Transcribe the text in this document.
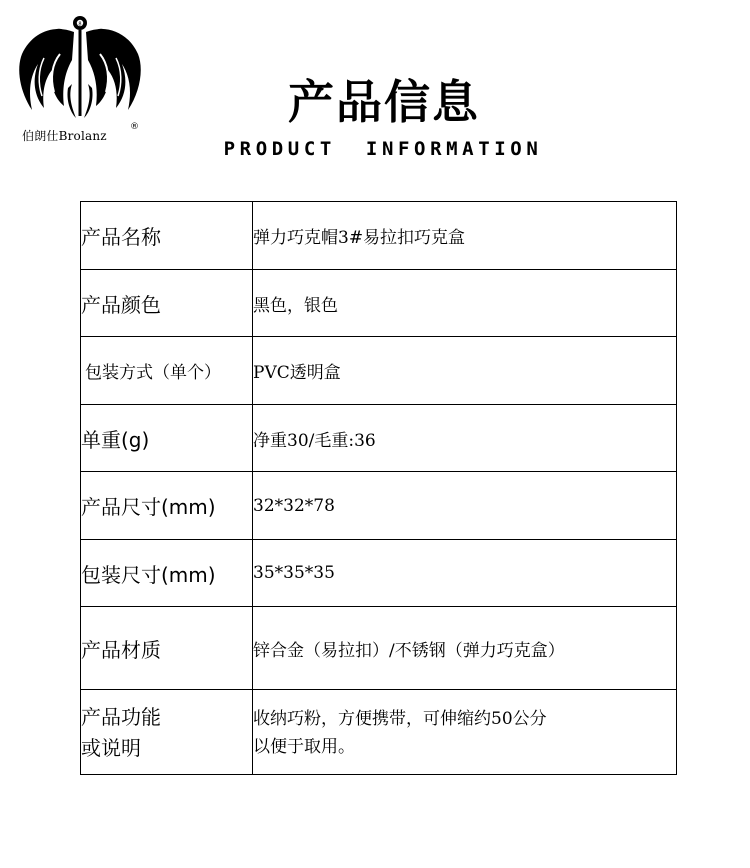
8
伯朗仕Brolanz
®	产品信息
PRODUCT INFORMATION
产品名称	弹力巧克帽3#易拉扣巧克盒
产品颜色	黑色，银色
包装方式（单个）	PVC透明盒
单重(g)	净重30/毛重:36
产品尺寸(mm)	32*32*78
包装尺寸(mm)	35*35*35
产品材质	锌合金（易拉扣）/不锈钢（弹力巧克盒）
产品功能
或说明	收纳巧粉，方便携带，可伸缩约50公分
以便于取用。
